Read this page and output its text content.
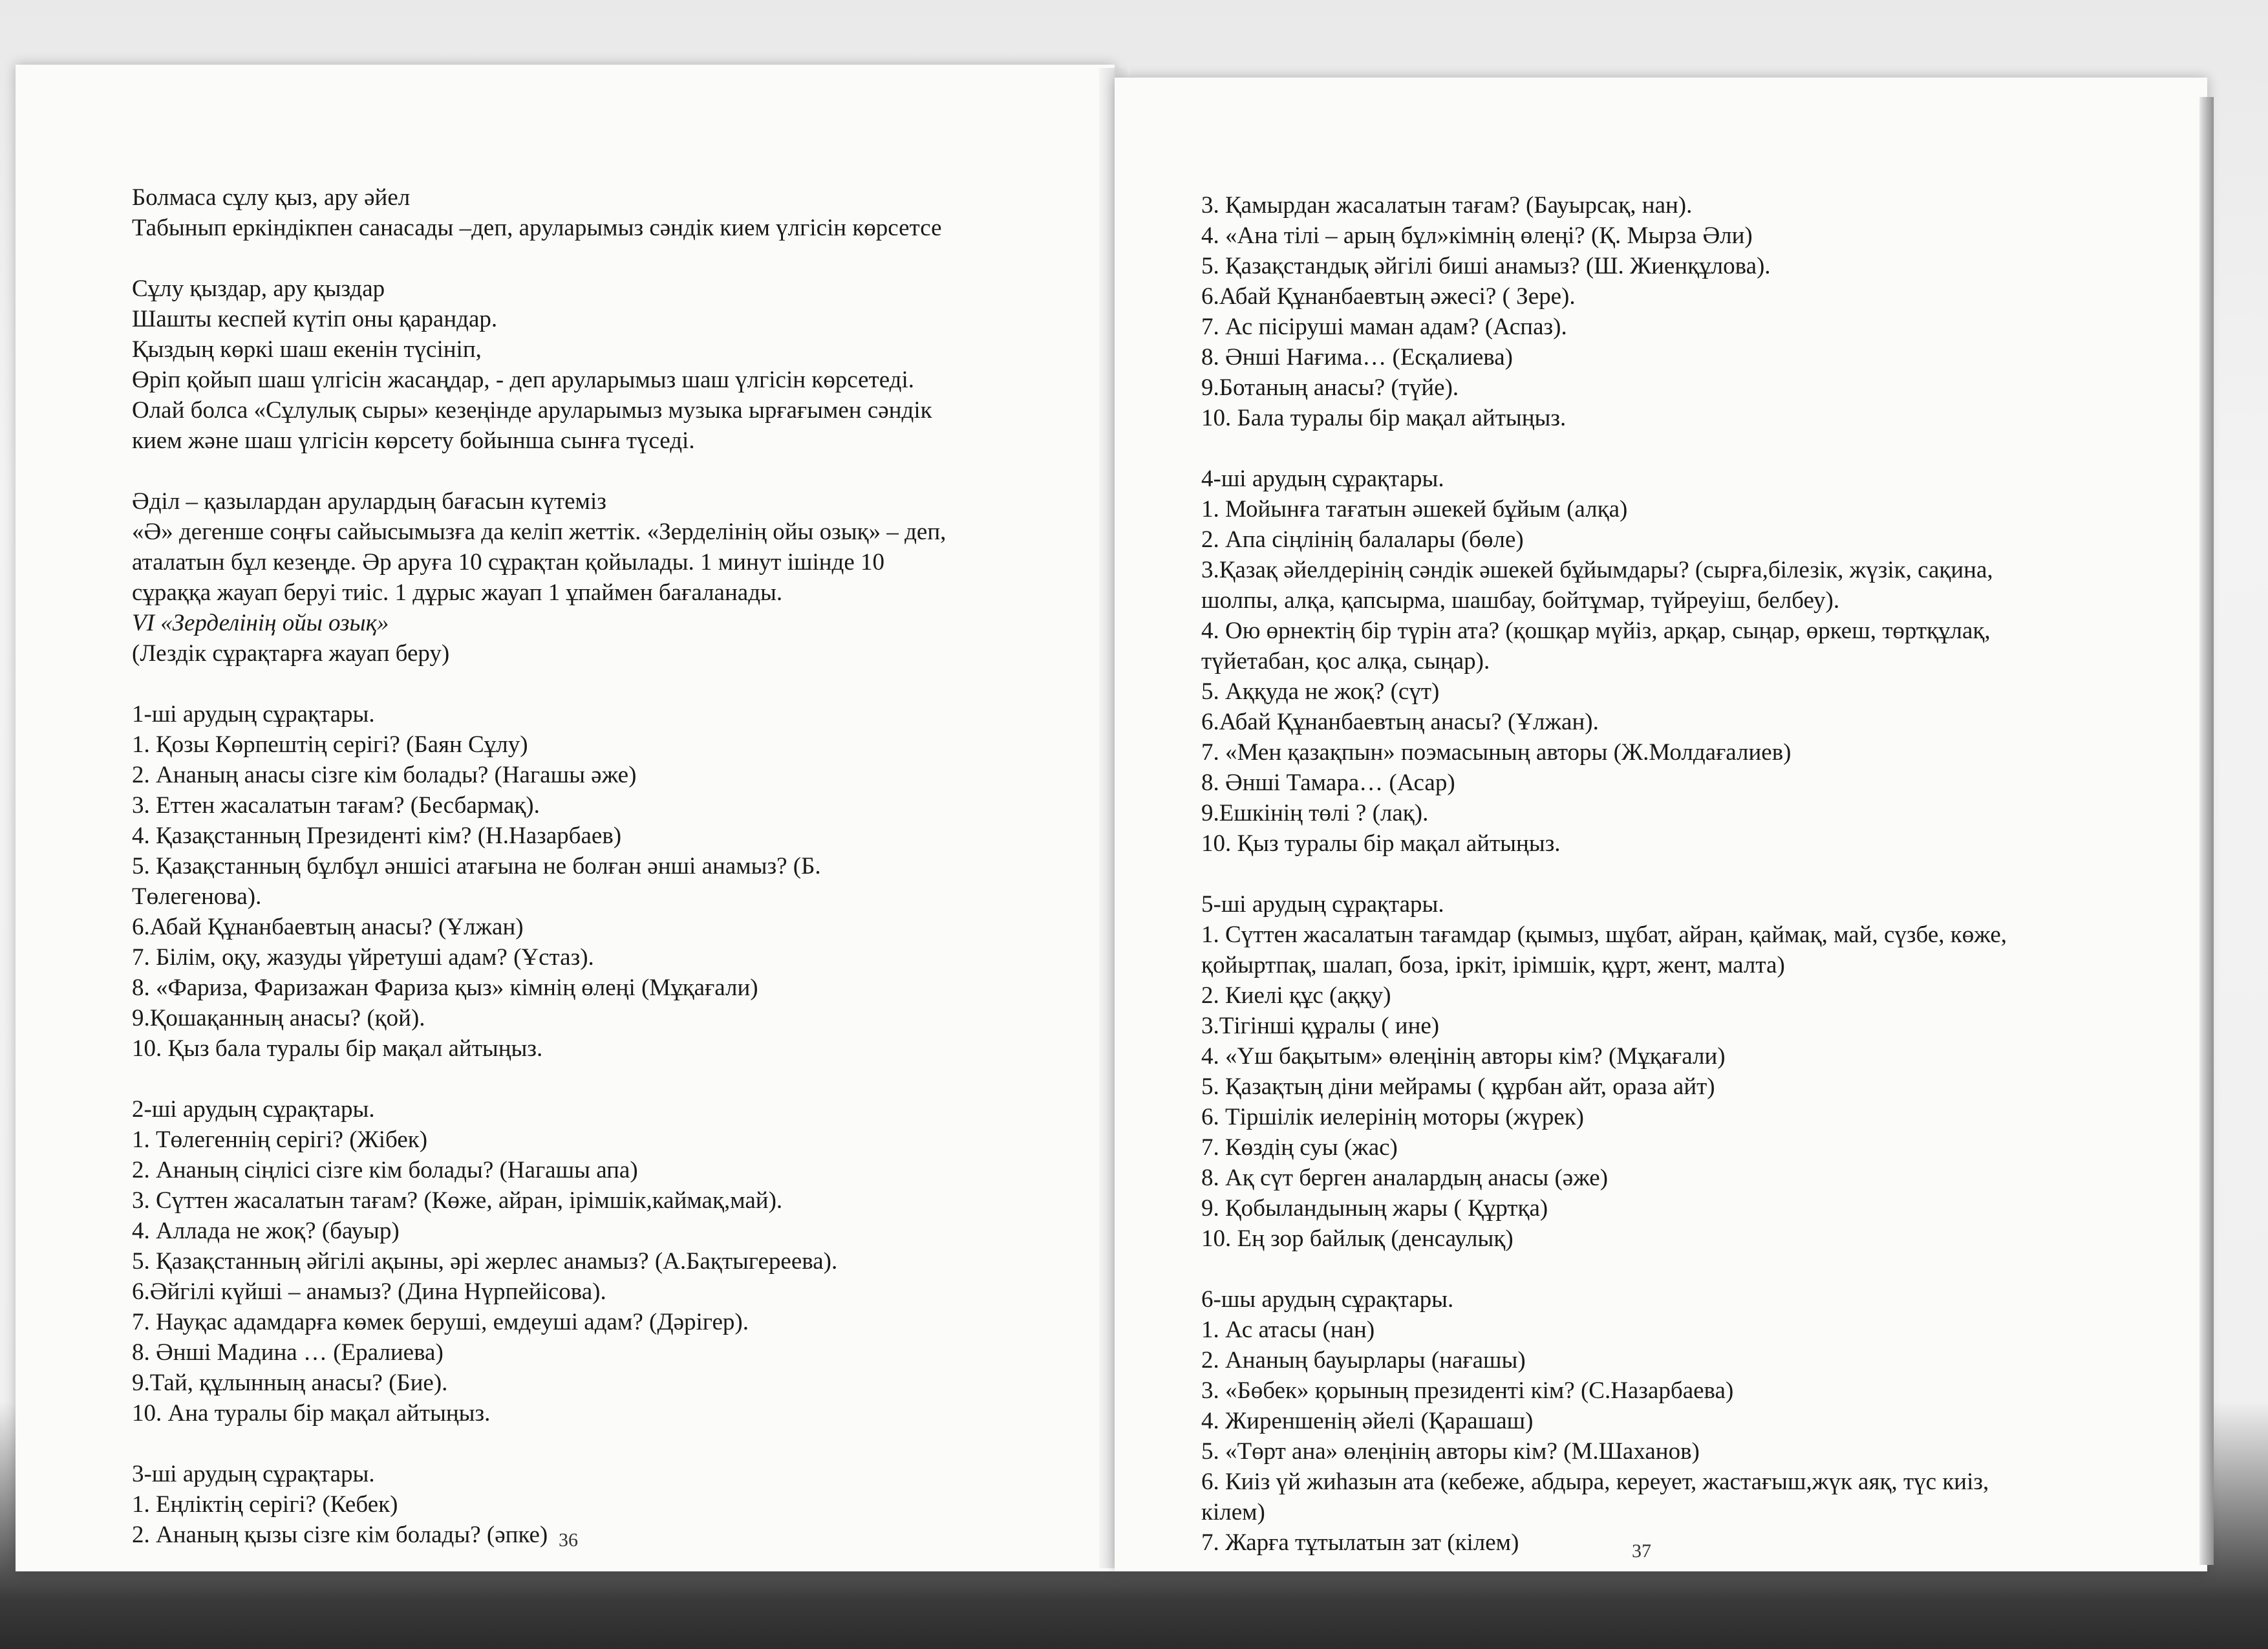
Болмаса сұлу қыз, ару әйел
Табынып еркіндікпен санасады –деп, аруларымыз сәндік кием үлгісін көрсетсе
Сұлу қыздар, ару қыздар
Шашты кеспей күтіп оны қарандар.
Қыздың көркі шаш екенін түсініп,
Өріп қойып шаш үлгісін жасаңдар, - деп аруларымыз шаш үлгісін көрсетеді.
Олай болса «Сұлулық сыры» кезеңінде аруларымыз музыка ырғағымен сәндік
кием және шаш үлгісін көрсету бойынша сынға түседі.
Әділ – қазылардан арулардың бағасын күтеміз
«Ә» дегенше соңғы сайысымызға да келіп жеттік. «Зерделінің ойы озық» – деп,
аталатын бұл кезеңде. Әр аруға 10 сұрақтан қойылады. 1 минут ішінде 10
сұраққа жауап беруі тиіс. 1 дұрыс жауап 1 ұпаймен бағаланады.
VI «Зерделінің ойы озық»
(Лездік сұрақтарға жауап беру)
1-ші арудың сұрақтары.
1. Қозы Көрпештің серігі? (Баян Сұлу)
2. Ананың анасы сізге кім болады? (Нагашы әже)
3. Еттен жасалатын тағам? (Бесбармақ).
4. Қазақстанның Президенті кім? (Н.Назарбаев)
5. Қазақстанның бұлбұл әншісі атағына не болған әнші анамыз? (Б.
Төлегенова).
6.Абай Құнанбаевтың анасы? (Ұлжан)
7. Білім, оқу, жазуды үйретуші адам? (Ұстаз).
8. «Фариза, Фаризажан Фариза қыз» кімнің өлеңі (Мұқағали)
9.Қошақанның анасы? (қой).
10. Қыз бала туралы бір мақал айтыңыз.
2-ші арудың сұрақтары.
1. Төлегеннің серігі? (Жібек)
2. Ананың сіңлісі сізге кім болады? (Нагашы апа)
3. Сүттен жасалатын тағам? (Көже, айран, ірімшік,каймақ,май).
4. Аллада не жоқ? (бауыр)
5. Қазақстанның әйгілі ақыны, әрі жерлес анамыз? (А.Бақтыгереева).
6.Әйгілі күйші – анамыз? (Дина Нүрпейісова).
7. Науқас адамдарға көмек беруші, емдеуші адам? (Дәрігер).
8. Әнші Мадина … (Ералиева)
9.Тай, құлынның анасы? (Бие).
10. Ана туралы бір мақал айтыңыз.
3-ші арудың сұрақтары.
1. Еңліктің серігі? (Кебек)
2. Ананың қызы сізге кім болады? (әпке) 36
3. Қамырдан жасалатын тағам? (Бауырсақ, нан).
4. «Ана тілі – арың бұл»кімнің өлеңі? (Қ. Мырза Әли)
5. Қазақстандық әйгілі биші анамыз? (Ш. Жиенқұлова).
6.Абай Құнанбаевтың әжесі? ( Зере).
7. Ас пісіруші маман адам? (Аспаз).
8. Әнші Нағима… (Есқалиева)
9.Ботаның анасы? (түйе).
10. Бала туралы бір мақал айтыңыз.
4-ші арудың сұрақтары.
1. Мойынға тағатын әшекей бұйым (алқа)
2. Апа сіңлінің балалары (бөле)
3.Қазақ әйелдерінің сәндік әшекей бұйымдары? (сырға,білезік, жүзік, сақина,
шолпы, алқа, қапсырма, шашбау, бойтұмар, түйреуіш, белбеу).
4. Ою өрнектің бір түрін ата? (қошқар мүйіз, арқар, сыңар, өркеш, төртқұлақ,
түйетабан, қос алқа, сыңар).
5. Аққуда не жоқ? (сүт)
6.Абай Құнанбаевтың анасы? (Ұлжан).
7. «Мен қазақпын» поэмасының авторы (Ж.Молдағалиев)
8. Әнші Тамара… (Асар)
9.Ешкінің төлі ? (лақ).
10. Қыз туралы бір мақал айтыңыз.
5-ші арудың сұрақтары.
1. Сүттен жасалатын тағамдар (қымыз, шұбат, айран, қаймақ, май, сүзбе, көже,
қойыртпақ, шалап, боза, іркіт, ірімшік, құрт, жент, малта)
2. Киелі құс (аққу)
3.Тігінші құралы ( ине)
4. «Үш бақытым» өлеңінің авторы кім? (Мұқағали)
5. Қазақтың діни мейрамы ( құрбан айт, ораза айт)
6. Тіршілік иелерінің моторы (жүрек)
7. Көздің суы (жас)
8. Ақ сүт берген аналардың анасы (әже)
9. Қобыландының жары ( Құртқа)
10. Ең зор байлық (денсаулық)
6-шы арудың сұрақтары.
1. Ас атасы (нан)
2. Ананың бауырлары (нағашы)
3. «Бөбек» қорының президенті кім? (С.Назарбаева)
4. Жиреншенің әйелі (Қарашаш)
5. «Төрт ана» өлеңінің авторы кім? (М.Шаханов)
6. Киіз үй жиһазын ата (кебеже, абдыра, кереует, жастағыш,жүк аяқ, түс киіз,
кілем)
7. Жарға тұтылатын зат (кілем)	37
